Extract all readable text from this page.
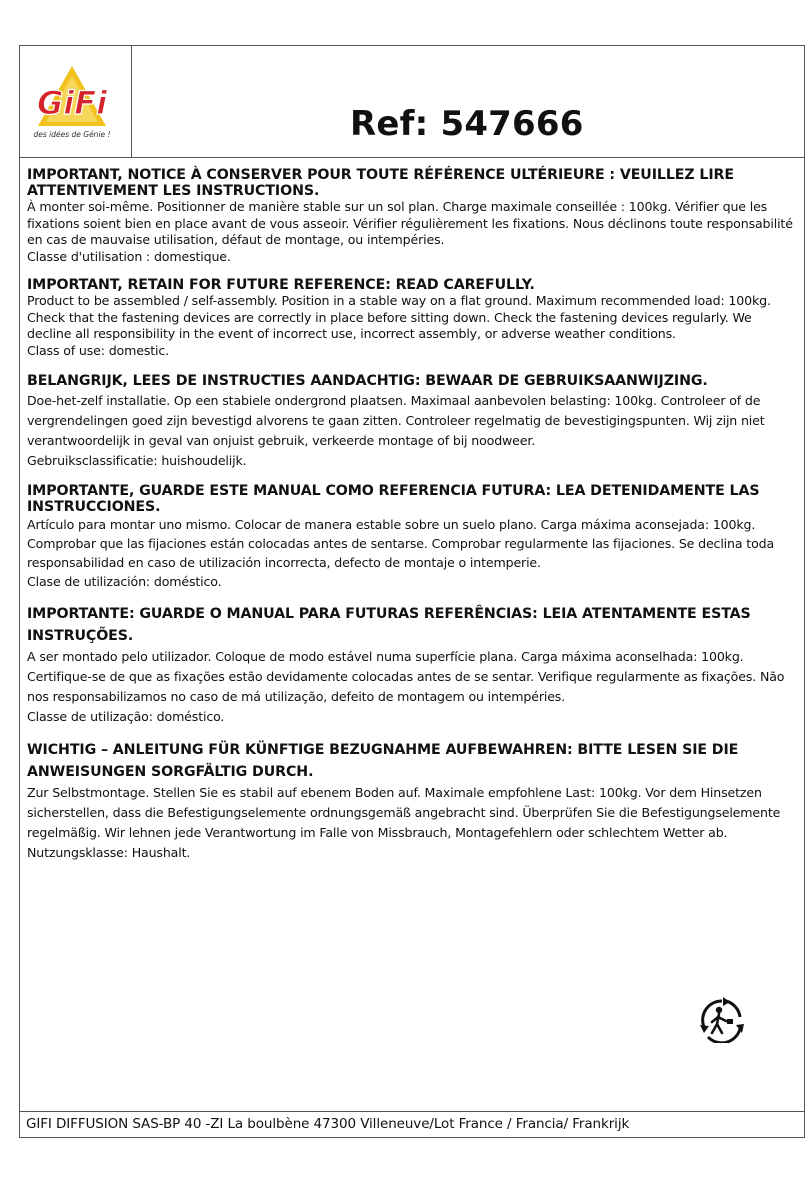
GiFi
des idées de Génie !	Ref: 547666
IMPORTANT, NOTICE À CONSERVER POUR TOUTE RÉFÉRENCE ULTÉRIEURE : VEUILLEZ LIRE ATTENTIVEMENT LES INSTRUCTIONS.

À monter soi-même. Positionner de manière stable sur un sol plan. Charge maximale conseillée : 100kg. Vérifier que les fixations soient bien en place avant de vous asseoir. Vérifier régulièrement les fixations. Nous déclinons toute responsabilité en cas de mauvaise utilisation, défaut de montage, ou intempéries.

Classe d'utilisation : domestique.

IMPORTANT, RETAIN FOR FUTURE REFERENCE: READ CAREFULLY.

Product to be assembled / self-assembly. Position in a stable way on a flat ground. Maximum recommended load: 100kg. Check that the fastening devices are correctly in place before sitting down. Check the fastening devices regularly. We decline all responsibility in the event of incorrect use, incorrect assembly, or adverse weather conditions.

Class of use: domestic.

BELANGRIJK, LEES DE INSTRUCTIES AANDACHTIG: BEWAAR DE GEBRUIKSAANWIJZING.

Doe-het-zelf installatie. Op een stabiele ondergrond plaatsen. Maximaal aanbevolen belasting: 100kg. Controleer of de vergrendelingen goed zijn bevestigd alvorens te gaan zitten. Controleer regelmatig de bevestigingspunten. Wij zijn niet verantwoordelijk in geval van onjuist gebruik, verkeerde montage of bij noodweer.

Gebruiksclassificatie: huishoudelijk.

IMPORTANTE, GUARDE ESTE MANUAL COMO REFERENCIA FUTURA: LEA DETENIDAMENTE LAS INSTRUCCIONES.

Artículo para montar uno mismo. Colocar de manera estable sobre un suelo plano. Carga máxima aconsejada: 100kg. Comprobar que las fijaciones están colocadas antes de sentarse. Comprobar regularmente las fijaciones. Se declina toda responsabilidad en caso de utilización incorrecta, defecto de montaje o intemperie.

Clase de utilización: doméstico.

IMPORTANTE: GUARDE O MANUAL PARA FUTURAS REFERÊNCIAS: LEIA ATENTAMENTE ESTAS INSTRUÇÕES.

A ser montado pelo utilizador. Coloque de modo estável numa superfície plana. Carga máxima aconselhada: 100kg. Certifique-se de que as fixações estão devidamente colocadas antes de se sentar. Verifique regularmente as fixações. Não nos responsabilizamos no caso de má utilização, defeito de montagem ou intempéries.

Classe de utilização: doméstico.

WICHTIG – ANLEITUNG FÜR KÜNFTIGE BEZUGNAHME AUFBEWAHREN: BITTE LESEN SIE DIE ANWEISUNGEN SORGFÄLTIG DURCH.

Zur Selbstmontage. Stellen Sie es stabil auf ebenem Boden auf. Maximale empfohlene Last: 100kg. Vor dem Hinsetzen sicherstellen, dass die Befestigungselemente ordnungsgemäß angebracht sind. Überprüfen Sie die Befestigungselemente regelmäßig. Wir lehnen jede Verantwortung im Falle von Missbrauch, Montagefehlern oder schlechtem Wetter ab.

Nutzungsklasse: Haushalt.

GIFI DIFFUSION SAS-BP 40 -ZI La boulbène 47300 Villeneuve/Lot France / Francia/ Frankrijk
